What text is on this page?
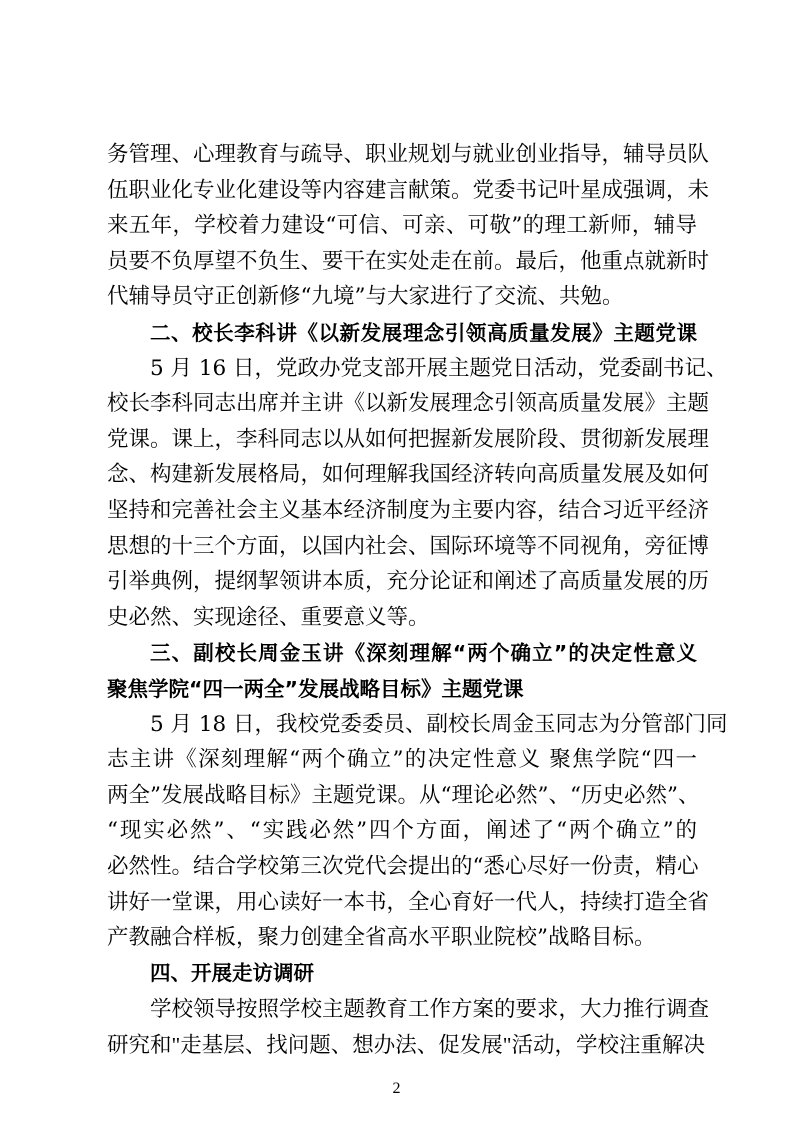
务管理、心理教育与疏导、职业规划与就业创业指导，辅导员队
伍职业化专业化建设等内容建言献策。党委书记叶星成强调，未
来五年，学校着力建设“可信、可亲、可敬”的理工新师，辅导
员要不负厚望不负生、要干在实处走在前。最后，他重点就新时
代辅导员守正创新修“九境”与大家进行了交流、共勉。
二、校长李科讲《以新发展理念引领高质量发展》主题党课
5 月 16 日，党政办党支部开展主题党日活动，党委副书记、
校长李科同志出席并主讲《以新发展理念引领高质量发展》主题
党课。课上，李科同志以从如何把握新发展阶段、贯彻新发展理
念、构建新发展格局，如何理解我国经济转向高质量发展及如何
坚持和完善社会主义基本经济制度为主要内容，结合习近平经济
思想的十三个方面，以国内社会、国际环境等不同视角，旁征博
引举典例，提纲挈领讲本质，充分论证和阐述了高质量发展的历
史必然、实现途径、重要意义等。
三、副校长周金玉讲《深刻理解“两个确立”的决定性意义
聚焦学院“四一两全”发展战略目标》主题党课
5 月 18 日，我校党委委员、副校长周金玉同志为分管部门同
志主讲《深刻理解“两个确立”的决定性意义 聚焦学院“四一
两全”发展战略目标》主题党课。从“理论必然”、“历史必然”、
“现实必然”、“实践必然”四个方面，阐述了“两个确立”的
必然性。结合学校第三次党代会提出的“悉心尽好一份责，精心
讲好一堂课，用心读好一本书，全心育好一代人，持续打造全省
产教融合样板，聚力创建全省高水平职业院校”战略目标。
四、开展走访调研
学校领导按照学校主题教育工作方案的要求，大力推行调查
研究和"走基层、找问题、想办法、促发展"活动，学校注重解决
2
